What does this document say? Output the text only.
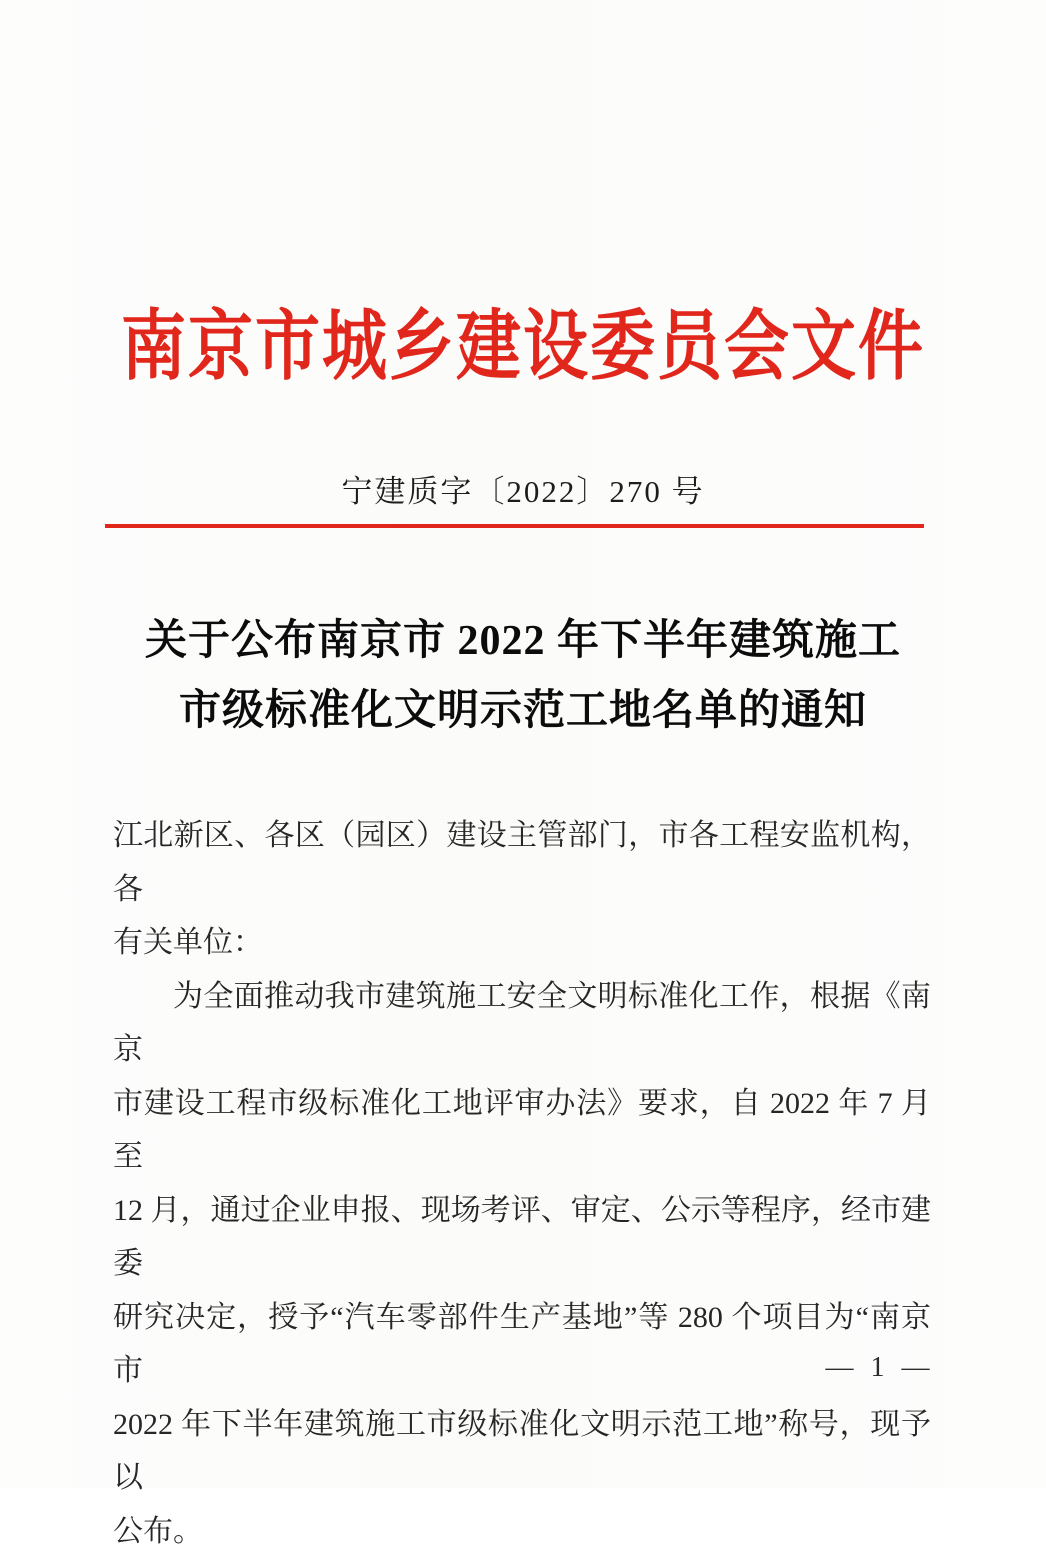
南京市城乡建设委员会文件
宁建质字〔2022〕270 号
关于公布南京市 2022 年下半年建筑施工
市级标准化文明示范工地名单的通知
江北新区、各区（园区）建设主管部门，市各工程安监机构，各
有关单位：
为全面推动我市建筑施工安全文明标准化工作，根据《南京
市建设工程市级标准化工地评审办法》要求，自 2022 年 7 月至
12 月，通过企业申报、现场考评、审定、公示等程序，经市建委
研究决定，授予“汽车零部件生产基地”等 280 个项目为“南京市
2022 年下半年建筑施工市级标准化文明示范工地”称号，现予以
公布。
— 1 —
